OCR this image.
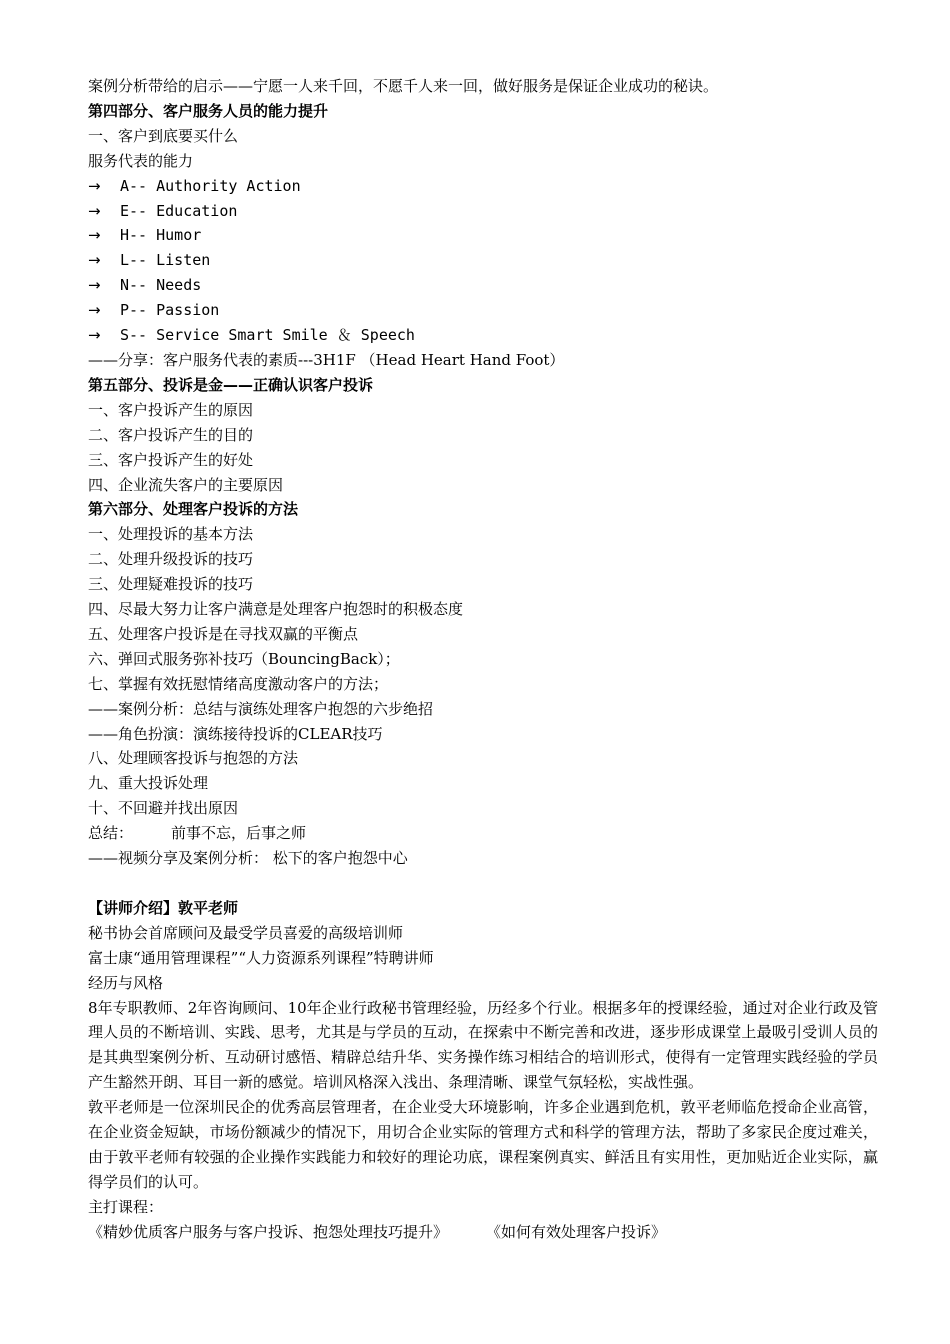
案例分析带给的启示——宁愿一人来千回，不愿千人来一回，做好服务是保证企业成功的秘诀。

第四部分、客户服务人员的能力提升

一、客户到底要买什么

服务代表的能力

→	A-- Authority Action
→	E-- Education
→	H-- Humor
→	L-- Listen
→	N-- Needs
→	P-- Passion
→	S-- Service Smart Smile ＆ Speech

——分享：客户服务代表的素质---3H1F （Head Heart Hand Foot）

第五部分、投诉是金——正确认识客户投诉

一、客户投诉产生的原因

二、客户投诉产生的目的

三、客户投诉产生的好处

四、企业流失客户的主要原因

第六部分、处理客户投诉的方法

一、处理投诉的基本方法

二、处理升级投诉的技巧

三、处理疑难投诉的技巧

四、尽最大努力让客户满意是处理客户抱怨时的积极态度

五、处理客户投诉是在寻找双赢的平衡点

六、弹回式服务弥补技巧（BouncingBack）；

七、掌握有效抚慰情绪高度激动客户的方法；

——案例分析：总结与演练处理客户抱怨的六步绝招

——角色扮演：演练接待投诉的CLEAR技巧

八、处理顾客投诉与抱怨的方法

九、重大投诉处理

十、不回避并找出原因

总结：	前事不忘，后事之师

——视频分享及案例分析： 松下的客户抱怨中心

【讲师介绍】敦平老师

秘书协会首席顾问及最受学员喜爱的高级培训师

富士康“通用管理课程”“人力资源系列课程”特聘讲师

经历与风格

8年专职教师、2年咨询顾问、10年企业行政秘书管理经验，历经多个行业。根据多年的授课经验，通过对企业行政及管理人员的不断培训、实践、思考，尤其是与学员的互动，在探索中不断完善和改进，逐步形成课堂上最吸引受训人员的是其典型案例分析、互动研讨感悟、精辟总结升华、实务操作练习相结合的培训形式，使得有一定管理实践经验的学员产生豁然开朗、耳目一新的感觉。培训风格深入浅出、条理清晰、课堂气氛轻松，实战性强。

敦平老师是一位深圳民企的优秀高层管理者，在企业受大环境影响，许多企业遇到危机，敦平老师临危授命企业高管，在企业资金短缺，市场份额减少的情况下，用切合企业实际的管理方式和科学的管理方法，帮助了多家民企度过难关，由于敦平老师有较强的企业操作实践能力和较好的理论功底，课程案例真实、鲜活且有实用性，更加贴近企业实际，赢得学员们的认可。

主打课程：

《精妙优质客户服务与客户投诉、抱怨处理技巧提升》	《如何有效处理客户投诉》
